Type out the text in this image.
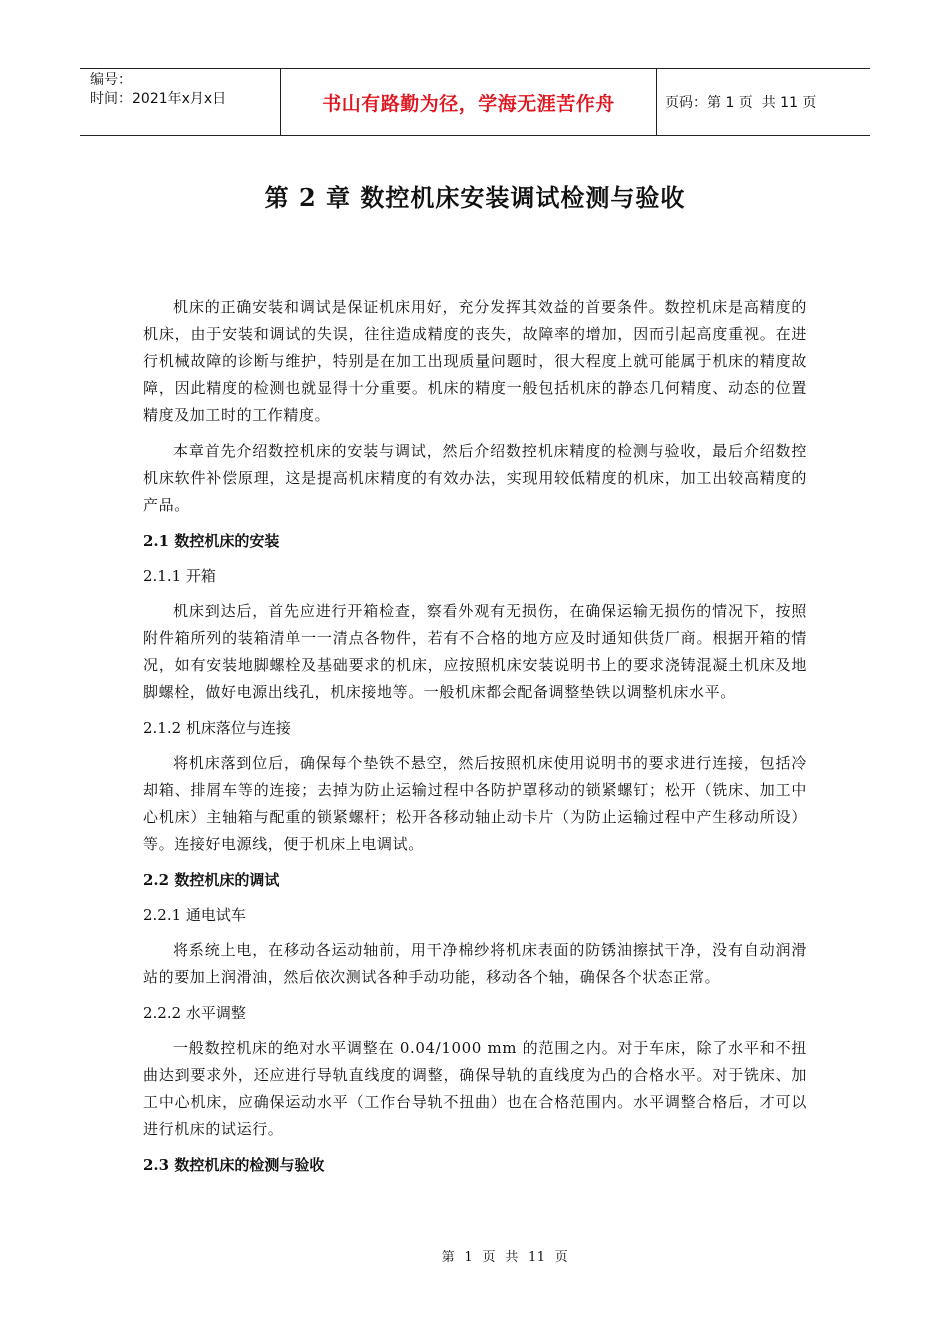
编号：
时间：2021年x月x日	书山有路勤为径，学海无涯苦作舟	页码：第 1 页  共 11 页
第 2 章 数控机床安装调试检测与验收

机床的正确安装和调试是保证机床用好，充分发挥其效益的首要条件。数控机床是高精度的机床，由于安装和调试的失误，往往造成精度的丧失，故障率的增加，因而引起高度重视。在进行机械故障的诊断与维护，特别是在加工出现质量问题时，很大程度上就可能属于机床的精度故障，因此精度的检测也就显得十分重要。机床的精度一般包括机床的静态几何精度、动态的位置精度及加工时的工作精度。

本章首先介绍数控机床的安装与调试，然后介绍数控机床精度的检测与验收，最后介绍数控机床软件补偿原理，这是提高机床精度的有效办法，实现用较低精度的机床，加工出较高精度的产品。

2.1 数控机床的安装
2.1.1 开箱

机床到达后，首先应进行开箱检查，察看外观有无损伤，在确保运输无损伤的情况下，按照附件箱所列的装箱清单一一清点各物件，若有不合格的地方应及时通知供货厂商。根据开箱的情况，如有安装地脚螺栓及基础要求的机床，应按照机床安装说明书上的要求浇铸混凝土机床及地脚螺栓，做好电源出线孔，机床接地等。一般机床都会配备调整垫铁以调整机床水平。

2.1.2 机床落位与连接

将机床落到位后，确保每个垫铁不悬空，然后按照机床使用说明书的要求进行连接，包括冷却箱、排屑车等的连接；去掉为防止运输过程中各防护罩移动的锁紧螺钉；松开（铣床、加工中心机床）主轴箱与配重的锁紧螺杆；松开各移动轴止动卡片（为防止运输过程中产生移动所设）等。连接好电源线，便于机床上电调试。

2.2 数控机床的调试
2.2.1 通电试车

将系统上电，在移动各运动轴前，用干净棉纱将机床表面的防锈油擦拭干净，没有自动润滑站的要加上润滑油，然后依次测试各种手动功能，移动各个轴，确保各个状态正常。

2.2.2 水平调整

一般数控机床的绝对水平调整在 0.04/1000 mm 的范围之内。对于车床，除了水平和不扭曲达到要求外，还应进行导轨直线度的调整，确保导轨的直线度为凸的合格水平。对于铣床、加工中心机床，应确保运动水平（工作台导轨不扭曲）也在合格范围内。水平调整合格后，才可以进行机床的试运行。

2.3 数控机床的检测与验收
第  1  页  共  11  页
